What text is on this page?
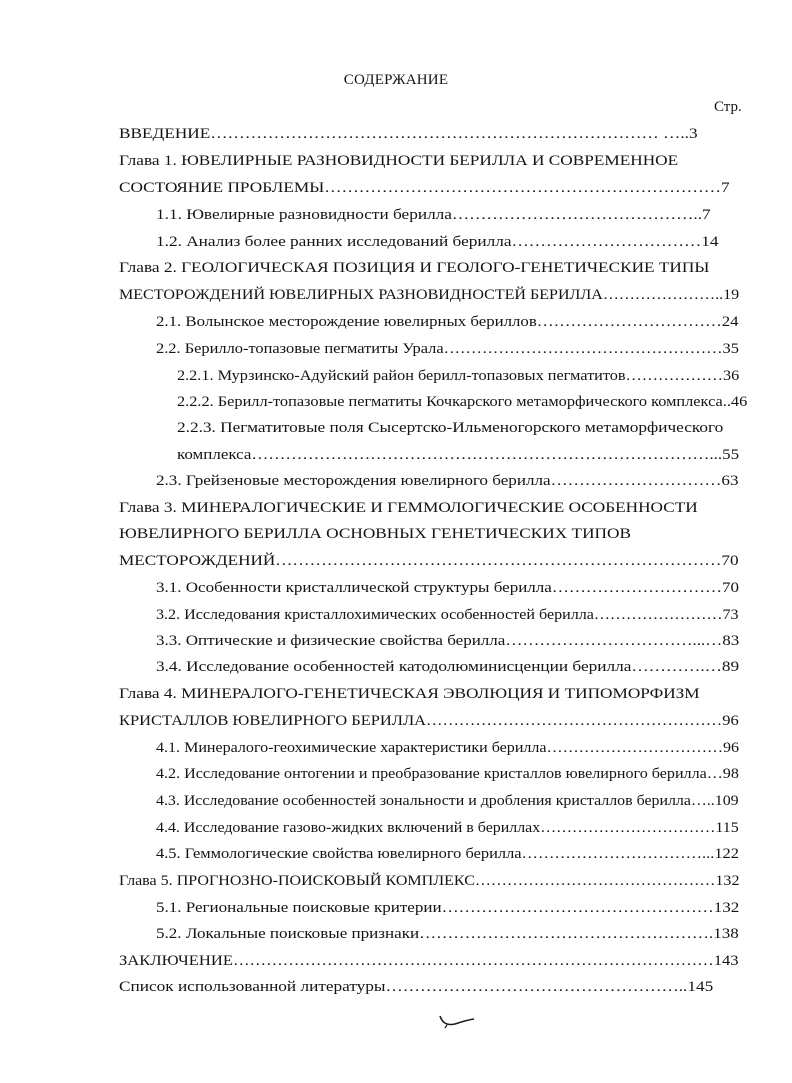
СОДЕРЖАНИЕ
Стр.
ВВЕДЕНИЕ…………………………………………………………………… …..3
Глава 1. ЮВЕЛИРНЫЕ РАЗНОВИДНОСТИ БЕРИЛЛА И СОВРЕМЕННОЕ
СОСТОЯНИЕ ПРОБЛЕМЫ……………………………………………………………7
1.1. Ювелирные разновидности берилла……………………………………..7
1.2. Анализ более ранних исследований берилла……………………………14
Глава 2. ГЕОЛОГИЧЕСКАЯ ПОЗИЦИЯ И ГЕОЛОГО-ГЕНЕТИЧЕСКИЕ ТИПЫ
МЕСТОРОЖДЕНИЙ ЮВЕЛИРНЫХ РАЗНОВИДНОСТЕЙ БЕРИЛЛА…………………..19
2.1. Волынское месторождение ювелирных бериллов……………………………24
2.2. Берилло-топазовые пегматиты Урала……………………………………………35
2.2.1. Мурзинско-Адуйский район берилл-топазовых пегматитов………………36
2.2.2. Берилл-топазовые пегматиты Кочкарского метаморфического комплекса..46
2.2.3. Пегматитовые поля Сысертско-Ильменогорского метаморфического
комплекса………………………………………………………………………...55
2.3. Грейзеновые месторождения ювелирного берилла…………………………63
Глава 3. МИНЕРАЛОГИЧЕСКИЕ И ГЕММОЛОГИЧЕСКИЕ ОСОБЕННОСТИ
ЮВЕЛИРНОГО БЕРИЛЛА ОСНОВНЫХ ГЕНЕТИЧЕСКИХ ТИПОВ
МЕСТОРОЖДЕНИЙ……………………………………………………………………70
3.1. Особенности кристаллической структуры берилла…………………………70
3.2. Исследования кристаллохимических особенностей берилла……………………73
3.3. Оптические и физические свойства берилла……………………………...…83
3.4. Исследование особенностей катодолюминисценции берилла………….…89
Глава 4. МИНЕРАЛОГО-ГЕНЕТИЧЕСКАЯ ЭВОЛЮЦИЯ И ТИПОМОРФИЗМ
КРИСТАЛЛОВ ЮВЕЛИРНОГО БЕРИЛЛА………………………………………………96
4.1. Минералого-геохимические характеристики берилла……………………………96
4.2. Исследование онтогении и преобразование кристаллов ювелирного берилла…98
4.3. Исследование особенностей зональности и дробления кристаллов берилла…..109
4.4. Исследование газово-жидких включений в бериллах……………………………115
4.5. Геммологические свойства ювелирного берилла……………………………...122
Глава 5. ПРОГНОЗНО-ПОИСКОВЫЙ КОМПЛЕКС………………………………………132
5.1. Региональные поисковые критерии…………………………………………132
5.2. Локальные поисковые признаки…………………………………………….138
ЗАКЛЮЧЕНИЕ……………………………………………………………………………143
Список использованной литературы……………………………………………..145
